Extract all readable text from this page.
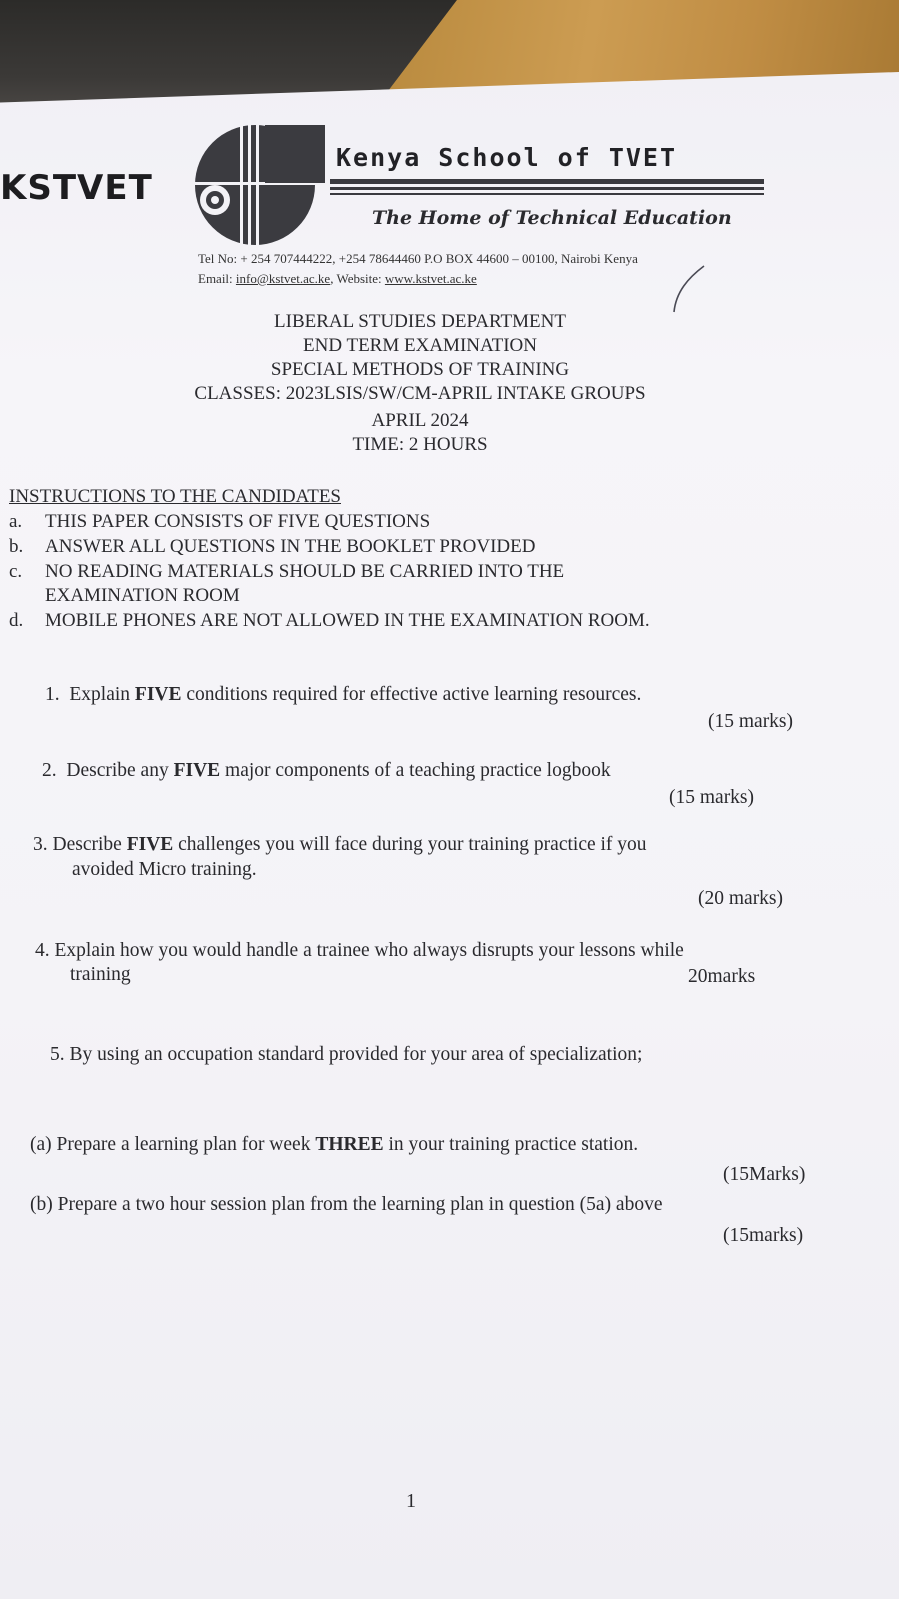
KSTVET
Kenya School of TVET
The Home of Technical Education
Tel No: + 254 707444222, +254 78644460 P.O BOX 44600 – 00100, Nairobi Kenya
Email: info@kstvet.ac.ke, Website: www.kstvet.ac.ke
LIBERAL STUDIES DEPARTMENT
END TERM EXAMINATION
SPECIAL METHODS OF TRAINING
CLASSES: 2023LSIS/SW/CM-APRIL INTAKE GROUPS
APRIL 2024
TIME: 2 HOURS
INSTRUCTIONS TO THE CANDIDATES
a. THIS PAPER CONSISTS OF FIVE QUESTIONS
b. ANSWER ALL QUESTIONS IN THE BOOKLET PROVIDED
c. NO READING MATERIALS SHOULD BE CARRIED INTO THE
EXAMINATION ROOM
d. MOBILE PHONES ARE NOT ALLOWED IN THE EXAMINATION ROOM.
1. Explain FIVE conditions required for effective active learning resources.
(15 marks)
2. Describe any FIVE major components of a teaching practice logbook
(15 marks)
3. Describe FIVE challenges you will face during your training practice if you
avoided Micro training.
(20 marks)
4. Explain how you would handle a trainee who always disrupts your lessons while
training	20marks
5. By using an occupation standard provided for your area of specialization;
(a) Prepare a learning plan for week THREE in your training practice station.
(15Marks)
(b) Prepare a two hour session plan from the learning plan in question (5a) above
(15marks)
1
